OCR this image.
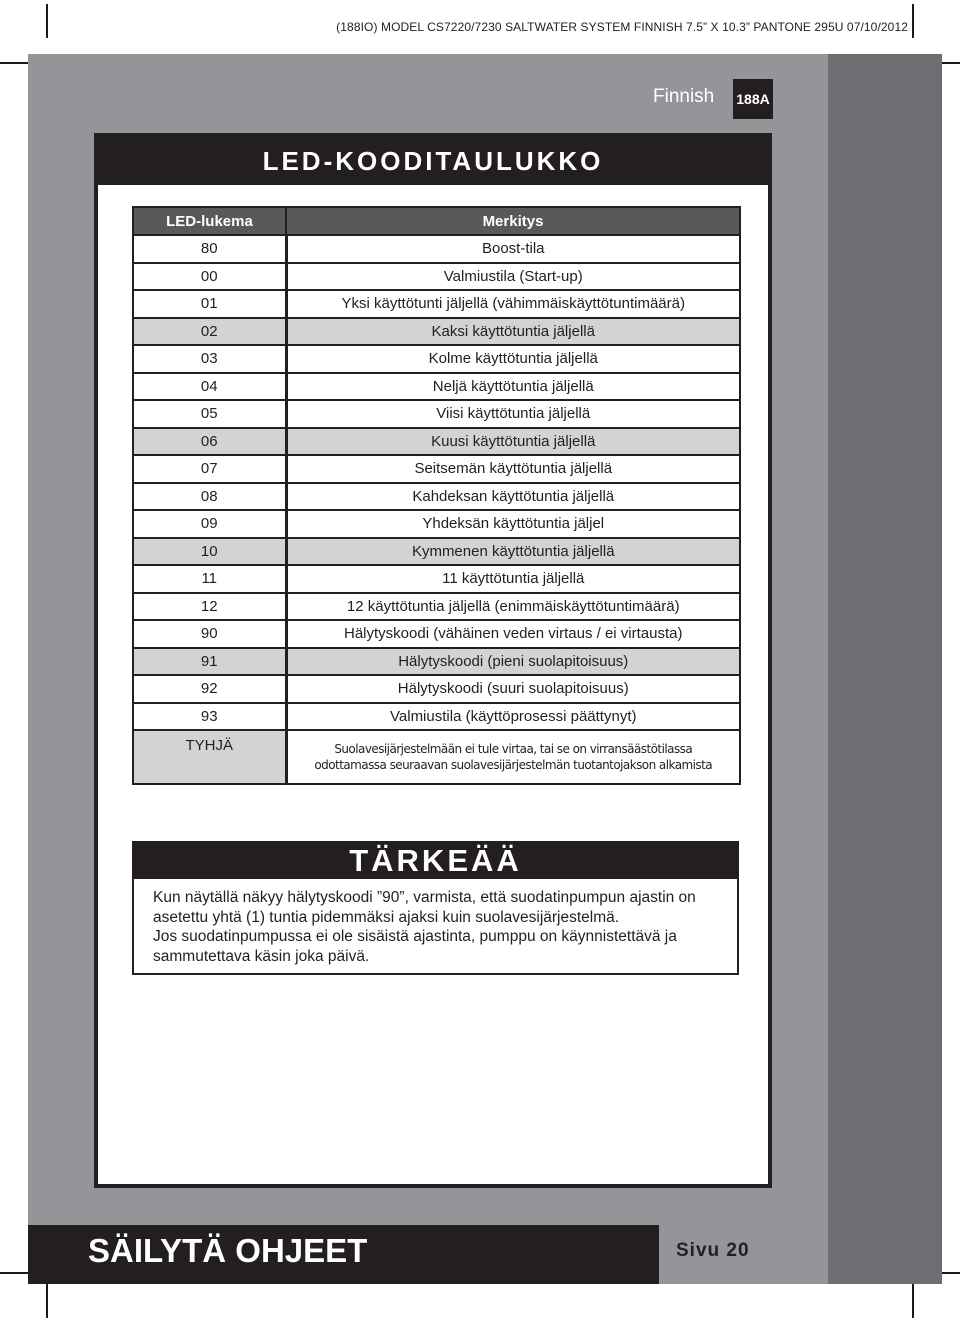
(188IO) MODEL CS7220/7230 SALTWATER SYSTEM FINNISH 7.5” X 10.3” PANTONE 295U 07/10/2012
Finnish 188A
LED-KOODITAULUKKO
LED-lukema	Merkitys
80	Boost-tila
00	Valmiustila (Start-up)
01	Yksi käyttötunti jäljellä (vähimmäiskäyttötuntimäärä)
02	Kaksi käyttötuntia jäljellä
03	Kolme käyttötuntia jäljellä
04	Neljä käyttötuntia jäljellä
05	Viisi käyttötuntia jäljellä
06	Kuusi käyttötuntia jäljellä
07	Seitsemän käyttötuntia jäljellä
08	Kahdeksan käyttötuntia jäljellä
09	Yhdeksän käyttötuntia jäljel
10	Kymmenen käyttötuntia jäljellä
11	11 käyttötuntia jäljellä
12	12 käyttötuntia jäljellä (enimmäiskäyttötuntimäärä)
90	Hälytyskoodi (vähäinen veden virtaus / ei virtausta)
91	Hälytyskoodi (pieni suolapitoisuus)
92	Hälytyskoodi (suuri suolapitoisuus)
93	Valmiustila (käyttöprosessi päättynyt)
TYHJÄ	Suolavesijärjestelmään ei tule virtaa, tai se on virransäästötilassa
odottamassa seuraavan suolavesijärjestelmän tuotantojakson alkamista
TÄRKEÄÄ

Kun näytällä näkyy hälytyskoodi ”90”, varmista, että suodatinpumpun ajastin on asetettu yhtä (1) tuntia pidemmäksi ajaksi kuin suolavesijärjestelmä.

Jos suodatinpumpussa ei ole sisäistä ajastinta, pumppu on käynnistettävä ja sammutettava käsin joka päivä.

SÄILYTÄ OHJEET	Sivu 20
